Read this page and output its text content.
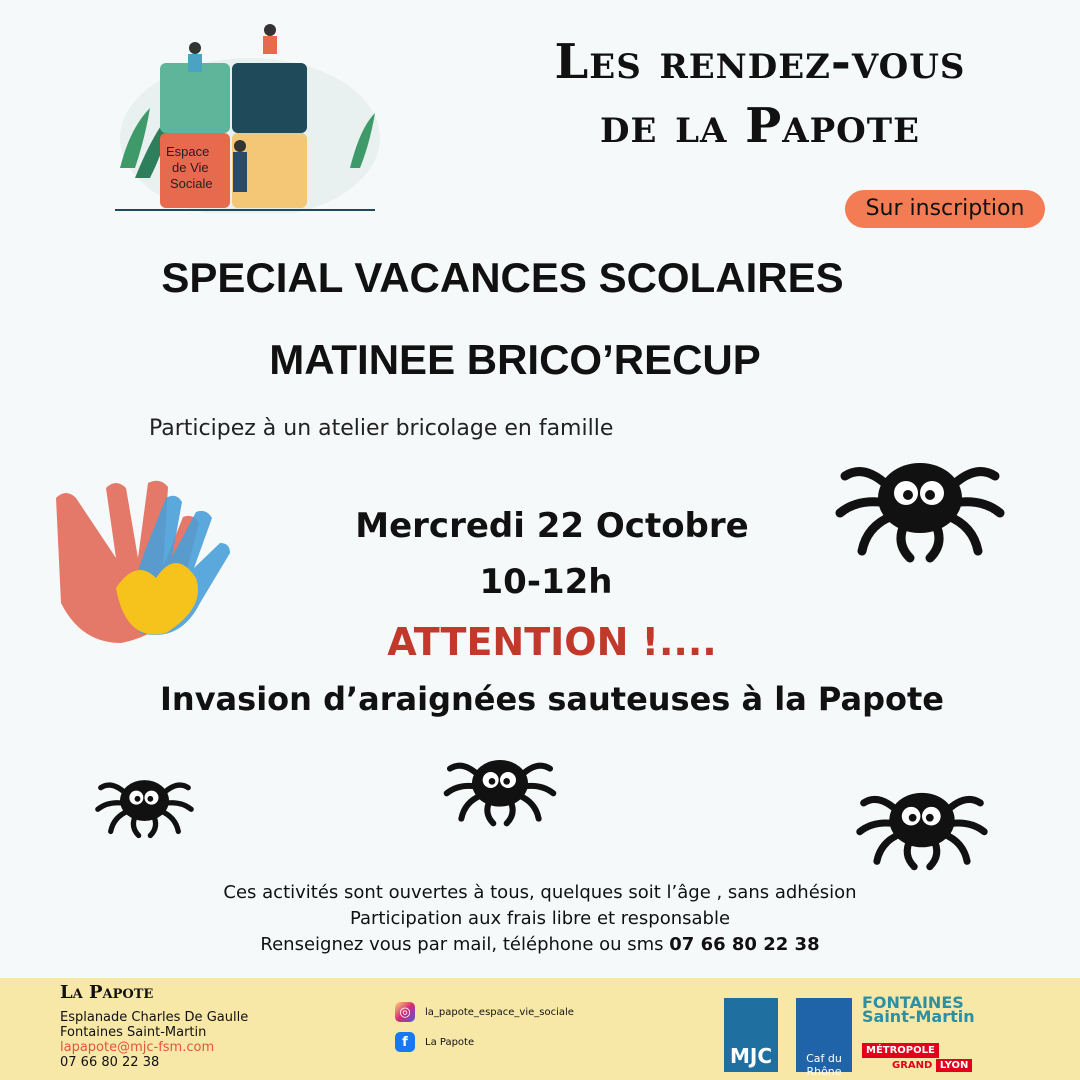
Espace
de Vie
Sociale
Les rendez-vous
de la Papote
Sur inscription
SPECIAL VACANCES SCOLAIRES
MATINEE BRICO’RECUP
Participez à un atelier bricolage en famille
Mercredi 22 Octobre
10-12h
ATTENTION !....
Invasion d’araignées sauteuses à la Papote
Ces activités sont ouvertes à tous, quelques soit l’âge , sans adhésion
Participation aux frais libre et responsable
Renseignez vous par mail, téléphone ou sms 07 66 80 22 38
La Papote
Esplanade Charles De Gaulle
Fontaines Saint-Martin
lapapote@mjc-fsm.com
07 66 80 22 38
◎	la_papote_espace_vie_sociale
f	La Papote
MJC	Caf du Rhône
FONTAINES
Saint-Martin
MÉTROPOLE
GRAND LYON
